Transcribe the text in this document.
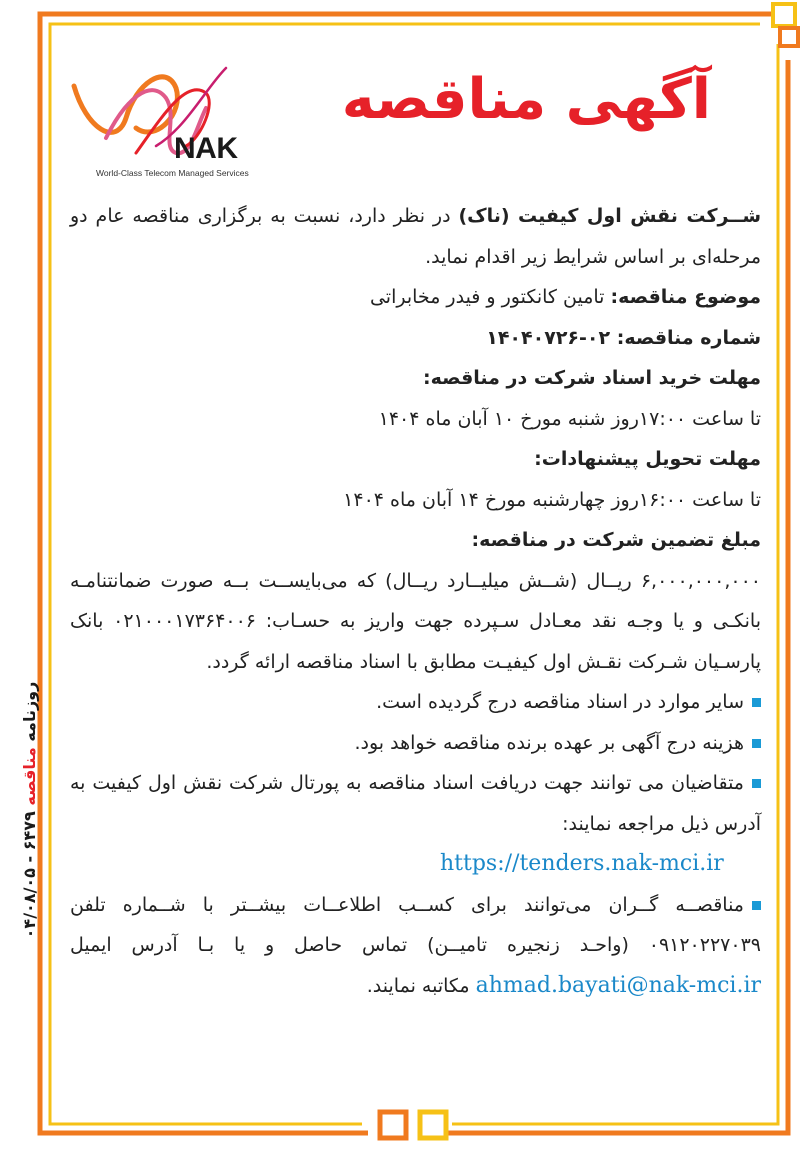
NAK
World-Class Telecom Managed Services
آگهی مناقصه

شــرکت نقش اول کیفیت (ناک) در نظر دارد، نسبت به برگزاری مناقصه عام دو مرحله‌ای بر اساس شرایط زیر اقدام نماید.

موضوع مناقصه: تامین کانکتور و فیدر مخابراتی

شماره مناقصه: ۰۲-۱۴۰۴۰۷۲۶

مهلت خرید اسناد شرکت در مناقصه:

تا ساعت ۱۷:۰۰روز شنبه مورخ ۱۰ آبان ماه ۱۴۰۴

مهلت تحویل پیشنهادات:

تا ساعت ۱۶:۰۰روز چهارشنبه مورخ ۱۴ آبان ماه ۱۴۰۴

مبلغ تضمین شرکت در مناقصه:

۶,۰۰۰,۰۰۰,۰۰۰ ریــال (شــش میلیــارد ریــال) که می‌بایســت بــه صورت ضمانتنامـه بانکـی و یا وجـه نقد معـادل سـپرده جهت واریز به حسـاب: ۰۲۱۰۰۰۱۷۳۶۴۰۰۶ بانک پارسـیان شـرکت نقـش اول کیفیـت مطابق با اسناد مناقصه ارائه گردد.

سایر موارد در اسناد مناقصه درج گردیده است.

هزینه درج آگهی بر عهده برنده مناقصه خواهد بود.

متقاضیان می توانند جهت دریافت اسناد مناقصه به پورتال شرکت نقش اول کیفیت به آدرس ذیل مراجعه نمایند:

https://tenders.nak-mci.ir

مناقصــه گــران می‌توانند برای کســب اطلاعــات بیشــتر با شــماره تلفن ۰۹۱۲۰۲۲۷۰۳۹ (واحـد زنجیره تامیــن) تماس حاصل و یا بـا آدرس ایمیل ahmad.bayati@nak-mci.ir مکاتبه نمایند.

روزنامه مناقصه ۶۴۷۹ - ۰۴/۰۸/۰۵
